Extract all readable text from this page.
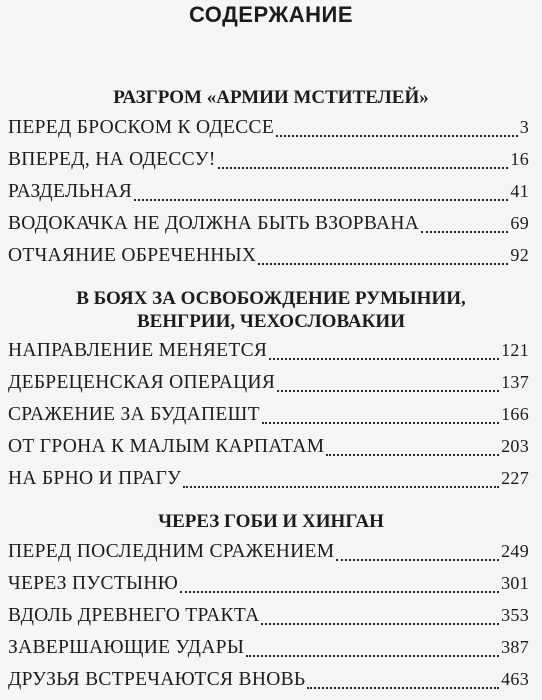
СОДЕРЖАНИЕ
РАЗГРОМ «АРМИИ МСТИТЕЛЕЙ»
ПЕРЕД БРОСКОМ К ОДЕССЕ	3
ВПЕРЕД, НА ОДЕССУ!	16
РАЗДЕЛЬНАЯ	41
ВОДОКАЧКА НЕ ДОЛЖНА БЫТЬ ВЗОРВАНА	69
ОТЧАЯНИЕ ОБРЕЧЕННЫХ	92
В БОЯХ ЗА ОСВОБОЖДЕНИЕ РУМЫНИИ,
ВЕНГРИИ, ЧЕХОСЛОВАКИИ
НАПРАВЛЕНИЕ МЕНЯЕТСЯ	121
ДЕБРЕЦЕНСКАЯ ОПЕРАЦИЯ	137
СРАЖЕНИЕ ЗА БУДАПЕШТ	166
ОТ ГРОНА К МАЛЫМ КАРПАТАМ	203
НА БРНО И ПРАГУ	227
ЧЕРЕЗ ГОБИ И ХИНГАН
ПЕРЕД ПОСЛЕДНИМ СРАЖЕНИЕМ	249
ЧЕРЕЗ ПУСТЫНЮ	301
ВДОЛЬ ДРЕВНЕГО ТРАКТА	353
ЗАВЕРШАЮЩИЕ УДАРЫ	387
ДРУЗЬЯ ВСТРЕЧАЮТСЯ ВНОВЬ	463
